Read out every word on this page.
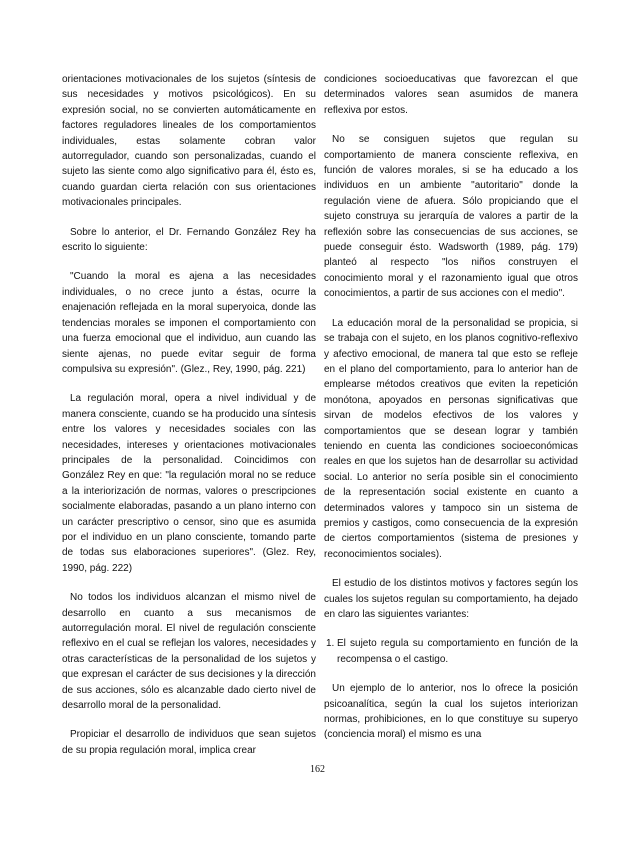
orientaciones motivacionales de los sujetos (síntesis de sus necesidades y motivos psicológicos). En su expresión social, no se convierten automáticamente en factores reguladores lineales de los comportamientos individuales, estas solamente cobran valor autorregulador, cuando son personalizadas, cuando el sujeto las siente como algo significativo para él, ésto es, cuando guardan cierta relación con sus orientaciones motivacionales principales.

Sobre lo anterior, el Dr. Fernando González Rey ha escrito lo siguiente:

"Cuando la moral es ajena a las necesidades individuales, o no crece junto a éstas, ocurre la enajenación reflejada en la moral superyoica, donde las tendencias morales se imponen el comportamiento con una fuerza emocional que el individuo, aun cuando las siente ajenas, no puede evitar seguir de forma compulsiva su expresión". (Glez., Rey, 1990, pág. 221)

La regulación moral, opera a nivel individual y de manera consciente, cuando se ha producido una síntesis entre los valores y necesidades sociales con las necesidades, intereses y orientaciones motivacionales principales de la personalidad. Coincidimos con González Rey en que: "la regulación moral no se reduce a la interiorización de normas, valores o prescripciones socialmente elaboradas, pasando a un plano interno con un carácter prescriptivo o censor, sino que es asumida por el individuo en un plano consciente, tomando parte de todas sus elaboraciones superiores". (Glez. Rey, 1990, pág. 222)

No todos los individuos alcanzan el mismo nivel de desarrollo en cuanto a sus mecanismos de autorregulación moral. El nivel de regulación consciente reflexivo en el cual se reflejan los valores, necesidades y otras características de la personalidad de los sujetos y que expresan el carácter de sus decisiones y la dirección de sus acciones, sólo es alcanzable dado cierto nivel de desarrollo moral de la personalidad.

Propiciar el desarrollo de individuos que sean sujetos de su propia regulación moral, implica crear

condiciones socioeducativas que favorezcan el que determinados valores sean asumidos de manera reflexiva por estos.

No se consiguen sujetos que regulan su comportamiento de manera consciente reflexiva, en función de valores morales, si se ha educado a los individuos en un ambiente "autoritario" donde la regulación viene de afuera. Sólo propiciando que el sujeto construya su jerarquía de valores a partir de la reflexión sobre las consecuencias de sus acciones, se puede conseguir ésto. Wadsworth (1989, pág. 179) planteó al respecto "los niños construyen el conocimiento moral y el razonamiento igual que otros conocimientos, a partir de sus acciones con el medio".

La educación moral de la personalidad se propicia, si se trabaja con el sujeto, en los planos cognitivo-reflexivo y afectivo emocional, de manera tal que esto se refleje en el plano del comportamiento, para lo anterior han de emplearse métodos creativos que eviten la repetición monótona, apoyados en personas significativas que sirvan de modelos efectivos de los valores y comportamientos que se desean lograr y también teniendo en cuenta las condiciones socioeconómicas reales en que los sujetos han de desarrollar su actividad social. Lo anterior no sería posible sin el conocimiento de la representación social existente en cuanto a determinados valores y tampoco sin un sistema de premios y castigos, como consecuencia de la expresión de ciertos comportamientos (sistema de presiones y reconocimientos sociales).

El estudio de los distintos motivos y factores según los cuales los sujetos regulan su comportamiento, ha dejado en claro las siguientes variantes:

1. El sujeto regula su comportamiento en función de la recompensa o el castigo.

Un ejemplo de lo anterior, nos lo ofrece la posición psicoanalítica, según la cual los sujetos interiorizan normas, prohibiciones, en lo que constituye su superyo (conciencia moral) el mismo es una

162
